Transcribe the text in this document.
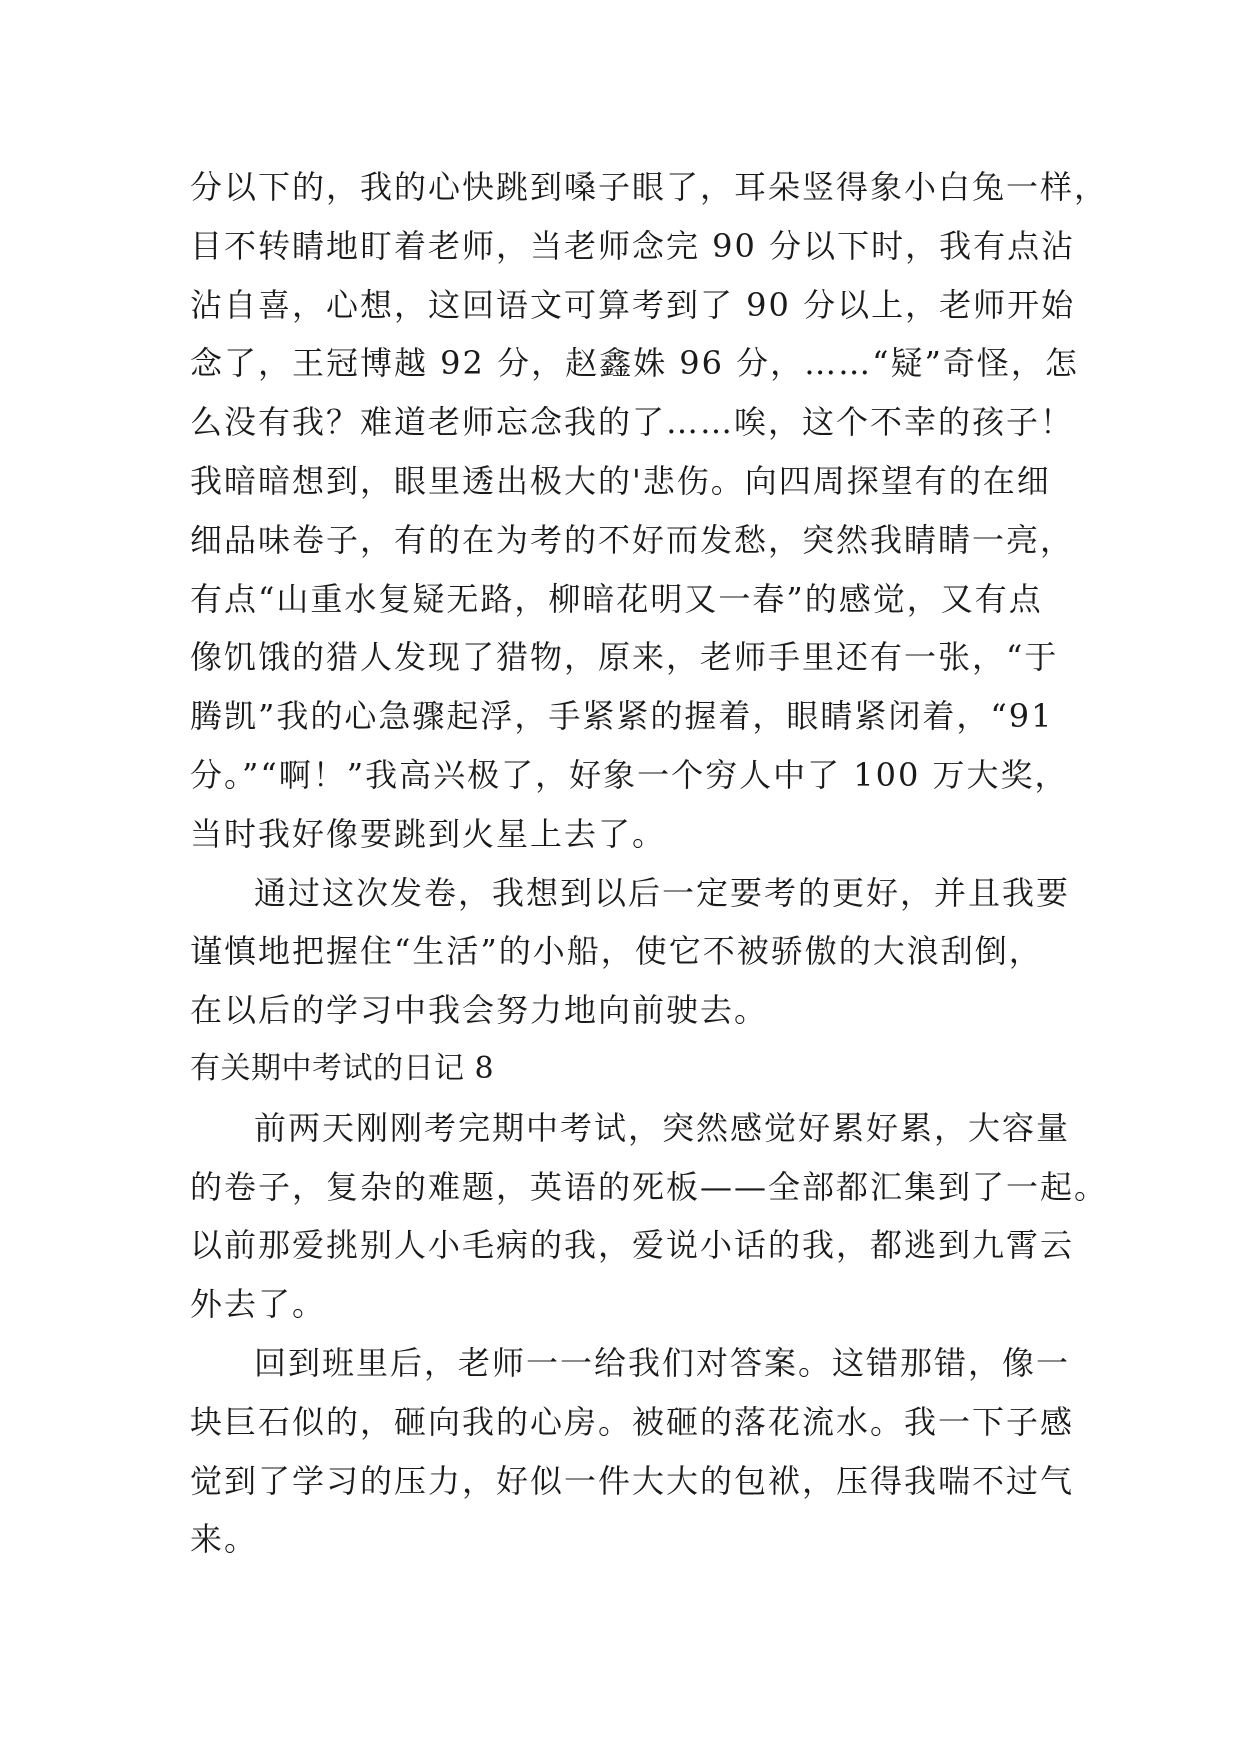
分以下的，我的心快跳到嗓子眼了，耳朵竖得象小白兔一样，
目不转睛地盯着老师，当老师念完 90 分以下时，我有点沾
沾自喜，心想，这回语文可算考到了 90 分以上，老师开始
念了，王冠博越 92 分，赵鑫姝 96 分，……“疑”奇怪，怎
么没有我？难道老师忘念我的了……唉，这个不幸的孩子！
我暗暗想到，眼里透出极大的'悲伤。向四周探望有的在细
细品味卷子，有的在为考的不好而发愁，突然我睛睛一亮，
有点“山重水复疑无路，柳暗花明又一春”的感觉，又有点
像饥饿的猎人发现了猎物，原来，老师手里还有一张，“于
腾凯”我的心急骤起浮，手紧紧的握着，眼睛紧闭着，“91
分。”“啊！”我高兴极了，好象一个穷人中了 100 万大奖，
当时我好像要跳到火星上去了。
通过这次发卷，我想到以后一定要考的更好，并且我要
谨慎地把握住“生活”的小船，使它不被骄傲的大浪刮倒，
在以后的学习中我会努力地向前驶去。
有关期中考试的日记 8
前两天刚刚考完期中考试，突然感觉好累好累，大容量
的卷子，复杂的难题，英语的死板——全部都汇集到了一起。
以前那爱挑别人小毛病的我，爱说小话的我，都逃到九霄云
外去了。
回到班里后，老师一一给我们对答案。这错那错，像一
块巨石似的，砸向我的心房。被砸的落花流水。我一下子感
觉到了学习的压力，好似一件大大的包袱，压得我喘不过气
来。
